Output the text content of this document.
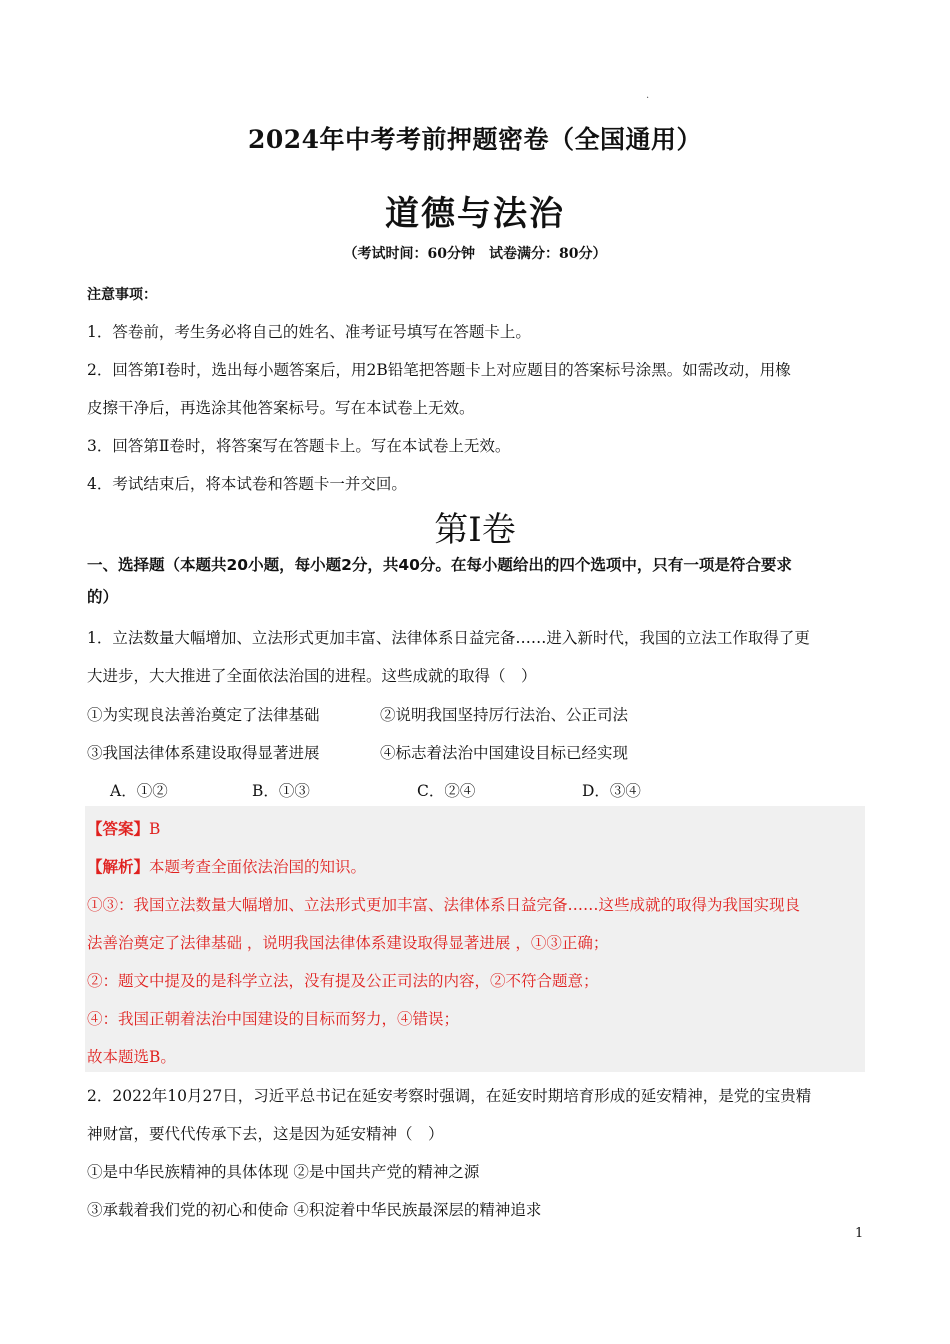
.
2024年中考考前押题密卷（全国通用）
道德与法治
（考试时间：60分钟　试卷满分：80分）
注意事项：
1．答卷前，考生务必将自己的姓名、准考证号填写在答题卡上。
2．回答第Ⅰ卷时，选出每小题答案后，用2B铅笔把答题卡上对应题目的答案标号涂黑。如需改动，用橡
皮擦干净后，再选涂其他答案标号。写在本试卷上无效。
3．回答第Ⅱ卷时，将答案写在答题卡上。写在本试卷上无效。
4．考试结束后，将本试卷和答题卡一并交回。
第Ⅰ卷
一、选择题（本题共20小题，每小题2分，共40分。在每小题给出的四个选项中，只有一项是符合要求
的）
1．立法数量大幅增加、立法形式更加丰富、法律体系日益完备……进入新时代，我国的立法工作取得了更
大进步，大大推进了全面依法治国的进程。这些成就的取得（　）
①为实现良法善治奠定了法律基础	②说明我国坚持厉行法治、公正司法
③我国法律体系建设取得显著进展	④标志着法治中国建设目标已经实现
A．①②	B．①③	C．②④	D．③④
【答案】B
【解析】本题考查全面依法治国的知识。
①③：我国立法数量大幅增加、立法形式更加丰富、法律体系日益完备……这些成就的取得为我国实现良
法善治奠定了法律基础 ，说明我国法律体系建设取得显著进展 ，①③正确；
②：题文中提及的是科学立法，没有提及公正司法的内容，②不符合题意；
④：我国正朝着法治中国建设的目标而努力，④错误；
故本题选B。
2．2022年10月27日，习近平总书记在延安考察时强调，在延安时期培育形成的延安精神，是党的宝贵精
神财富，要代代传承下去，这是因为延安精神（　）
①是中华民族精神的具体体现 ②是中国共产党的精神之源
③承载着我们党的初心和使命 ④积淀着中华民族最深层的精神追求
1
